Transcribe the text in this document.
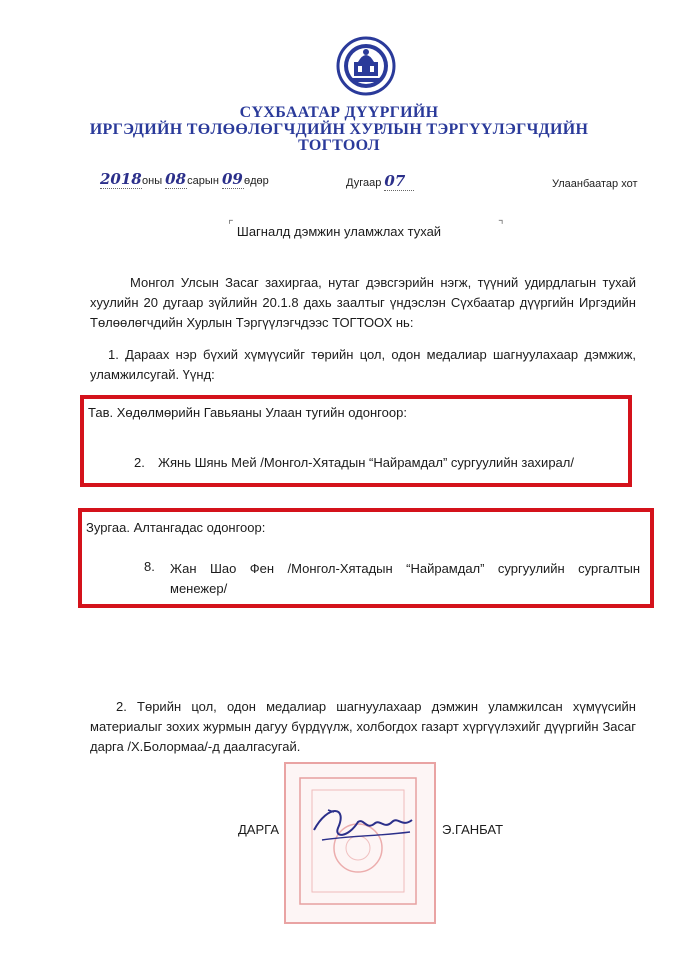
СҮХБААТАР ДҮҮРГИЙН
ИРГЭДИЙН ТӨЛӨӨЛӨГЧДИЙН ХУРЛЫН ТЭРГҮҮЛЭГЧДИЙН
ТОГТООЛ
2018оны 08сарын 09өдөр	Дугаар 07	Улаанбаатар хот
⌜ Шагналд дэмжин уламжлах тухай	⌝
Монгол Улсын Засаг захиргаа, нутаг дэвсгэрийн нэгж, түүний удирдлагын тухай хуулийн 20 дугаар зүйлийн 20.1.8 дахь заалтыг үндэслэн Сүхбаатар дүүргийн Иргэдийн Төлөөлөгчдийн Хурлын Тэргүүлэгчдээс ТОГТООХ нь:
1. Дараах нэр бүхий хүмүүсийг төрийн цол, одон медалиар шагнуулахаар дэмжиж, уламжилсугай. Үүнд:
Тав. Хөдөлмөрийн Гавьяаны Улаан тугийн одонгоор:
2. Жянь Шянь Мей /Монгол-Хятадын “Найрамдал” сургуулийн захирал/
Зургаа. Алтангадас одонгоор:
8. Жан Шао Фен /Монгол-Хятадын “Найрамдал” сургуулийн сургалтын менежер/
2. Төрийн цол, одон медалиар шагнуулахаар дэмжин уламжилсан хүмүүсийн материалыг зохих журмын дагуу бүрдүүлж, холбогдох газарт хүргүүлэхийг дүүргийн Засаг дарга /Х.Болормаа/-д даалгасугай.
ДАРГА	Э.ГАНБАТ
